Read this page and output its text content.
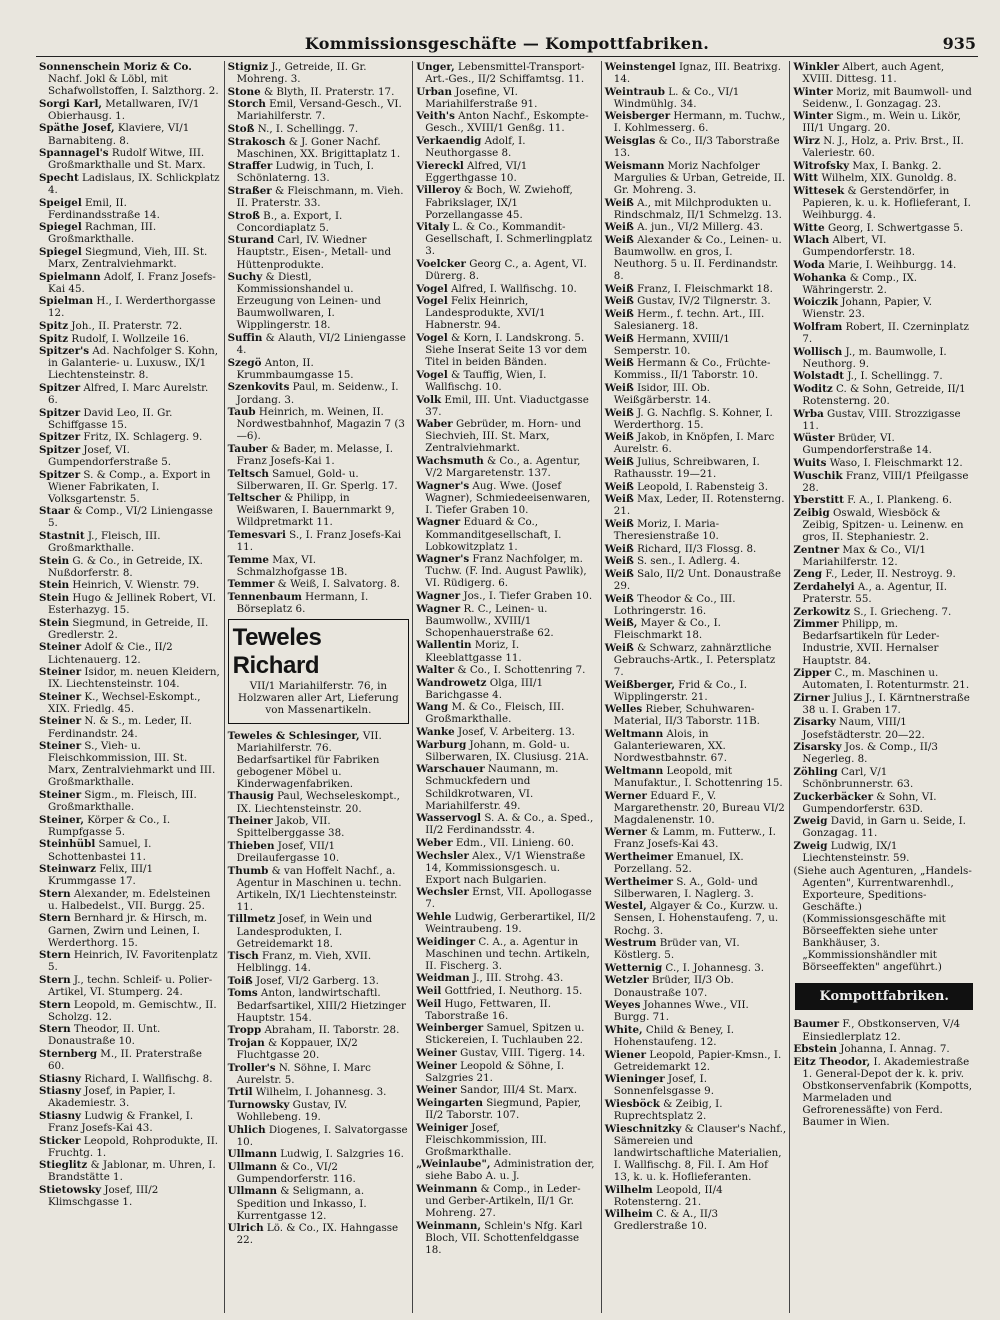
Kommissionsgeschäfte — Kompottfabriken.	935
Sonnenschein Moriz & Co. Nachf. Jokl & Löbl, mit Schafwollstoffen, I. Salzthorg. 2.
Sorgi Karl, Metallwaren, IV/1 Obierhausg. 1.
Späthe Josef, Klaviere, VI/1 Barnabiteng. 8.
Spannagel's Rudolf Witwe, III. Großmarkthalle und St. Marx.
Specht Ladislaus, IX. Schlickplatz 4.
Speigel Emil, II. Ferdinandsstraße 14.
Spiegel Rachman, III. Großmarkthalle.
Spiegel Siegmund, Vieh, III. St. Marx, Zentralviehmarkt.
Spielmann Adolf, I. Franz Josefs-Kai 45.
Spielman H., I. Werderthorgasse 12.
Spitz Joh., II. Praterstr. 72.
Spitz Rudolf, I. Wollzeile 16.
Spitzer's Ad. Nachfolger S. Kohn, in Galanterie- u. Luxusw., IX/1 Liechtensteinstr. 8.
Spitzer Alfred, I. Marc Aurelstr. 6.
Spitzer David Leo, II. Gr. Schiffgasse 15.
Spitzer Fritz, IX. Schlagerg. 9.
Spitzer Josef, VI. Gumpendorferstraße 5.
Spitzer S. & Comp., a. Export in Wiener Fabrikaten, I. Volksgartenstr. 5.
Staar & Comp., VI/2 Liniengasse 5.
Stastnit J., Fleisch, III. Großmarkthalle.
Stein G. & Co., in Getreide, IX. Nußdorferstr. 8.
Stein Heinrich, V. Wienstr. 79.
Stein Hugo & Jellinek Robert, VI. Esterhazyg. 15.
Stein Siegmund, in Getreide, II. Gredlerstr. 2.
Steiner Adolf & Cie., II/2 Lichtenauerg. 12.
Steiner Isidor, m. neuen Kleidern, IX. Liechtensteinstr. 104.
Steiner K., Wechsel-Eskompt., XIX. Friedlg. 45.
Steiner N. & S., m. Leder, II. Ferdinandstr. 24.
Steiner S., Vieh- u. Fleischkommission, III. St. Marx, Zentralviehmarkt und III. Großmarkthalle.
Steiner Sigm., m. Fleisch, III. Großmarkthalle.
Steiner, Körper & Co., I. Rumpfgasse 5.
Steinhübl Samuel, I. Schottenbastei 11.
Steinwarz Felix, III/1 Krummgasse 17.
Stern Alexander, m. Edelsteinen u. Halbedelst., VII. Burgg. 25.
Stern Bernhard jr. & Hirsch, m. Garnen, Zwirn und Leinen, I. Werderthorg. 15.
Stern Heinrich, IV. Favoritenplatz 5.
Stern J., techn. Schleif- u. Polier-Artikel, VI. Stumperg. 24.
Stern Leopold, m. Gemischtw., II. Scholzg. 12.
Stern Theodor, II. Unt. Donaustraße 10.
Sternberg M., II. Praterstraße 60.
Stiasny Richard, I. Wallfischg. 8.
Stiasny Josef, in Papier, I. Akademiestr. 3.
Stiasny Ludwig & Frankel, I. Franz Josefs-Kai 43.
Sticker Leopold, Rohprodukte, II. Fruchtg. 1.
Stieglitz & Jablonar, m. Uhren, I. Brandstätte 1.
Stietowsky Josef, III/2 Klimschgasse 1.
Stigniz J., Getreide, II. Gr. Mohreng. 3.
Stone & Blyth, II. Praterstr. 17.
Storch Emil, Versand-Gesch., VI. Mariahilferstr. 7.
Stoß N., I. Schellingg. 7.
Strakosch & J. Goner Nachf. Maschinen, XX. Brigittaplatz 1.
Straffer Ludwig, in Tuch, I. Schönlaterng. 13.
Straßer & Fleischmann, m. Vieh. II. Praterstr. 33.
Stroß B., a. Export, I. Concordiaplatz 5.
Sturand Carl, IV. Wiedner Hauptstr., Eisen-, Metall- und Hüttenprodukte.
Suchy & Diestl, Kommissionshandel u. Erzeugung von Leinen- und Baumwollwaren, I. Wipplingerstr. 18.
Suffin & Alauth, VI/2 Liniengasse 4.
Szegö Anton, II. Krummbaumgasse 15.
Szenkovits Paul, m. Seidenw., I. Jordang. 3.
Taub Heinrich, m. Weinen, II. Nordwestbahnhof, Magazin 7 (3—6).
Tauber & Bader, m. Melasse, I. Franz Josefs-Kai 1.
Teltsch Samuel, Gold- u. Silberwaren, II. Gr. Sperlg. 17.
Teltscher & Philipp, in Weißwaren, I. Bauernmarkt 9, Wildpretmarkt 11.
Temesvari S., I. Franz Josefs-Kai 11.
Temme Max, VI. Schmalzhofgasse 1B.
Temmer & Weiß, I. Salvatorg. 8.
Tennenbaum Hermann, I. Börseplatz 6.
Teweles Richard
VII/1 Mariahilferstr. 76, in Holzwaren aller Art, Lieferung von Massenartikeln.
Teweles & Schlesinger, VII. Mariahilferstr. 76. Bedarfsartikel für Fabriken gebogener Möbel u. Kinderwagenfabriken.
Thausig Paul, Wechseleskompt., IX. Liechtensteinstr. 20.
Theiner Jakob, VII. Spittelberggasse 38.
Thieben Josef, VII/1 Dreilaufergasse 10.
Thumb & van Hoffelt Nachf., a. Agentur in Maschinen u. techn. Artikeln, IX/1 Liechtensteinstr. 11.
Tillmetz Josef, in Wein und Landesprodukten, I. Getreidemarkt 18.
Tisch Franz, m. Vieh, XVII. Helblingg. 14.
Toiß Josef, VI/2 Garberg. 13.
Toms Anton, landwirtschaftl. Bedarfsartikel, XIII/2 Hietzinger Hauptstr. 154.
Tropp Abraham, II. Taborstr. 28.
Trojan & Koppauer, IX/2 Fluchtgasse 20.
Troller's N. Söhne, I. Marc Aurelstr. 5.
Trtil Wilhelm, I. Johannesg. 3.
Turnowsky Gustav, IV. Wohllebeng. 19.
Uhlich Diogenes, I. Salvatorgasse 10.
Ullmann Ludwig, I. Salzgries 16.
Ullmann & Co., VI/2 Gumpendorferstr. 116.
Ullmann & Seligmann, a. Spedition und Inkasso, I. Kurrentgasse 12.
Ulrich Lö. & Co., IX. Hahngasse 22.
Unger, Lebensmittel-Transport-Art.-Ges., II/2 Schiffamtsg. 11.
Urban Josefine, VI. Mariahilferstraße 91.
Veith's Anton Nachf., Eskompte-Gesch., XVIII/1 Genßg. 11.
Verkaendig Adolf, I. Neuthorgasse 8.
Viereckl Alfred, VI/1 Eggerthgasse 10.
Villeroy & Boch, W. Zwiehoff, Fabrikslager, IX/1 Porzellangasse 45.
Vitaly L. & Co., Kommandit-Gesellschaft, I. Schmerlingplatz 3.
Voelcker Georg C., a. Agent, VI. Dürerg. 8.
Vogel Alfred, I. Wallfischg. 10.
Vogel Felix Heinrich, Landesprodukte, XVI/1 Habnerstr. 94.
Vogel & Korn, I. Landskrong. 5. Siehe Inserat Seite 13 vor dem Titel in beiden Bänden.
Vogel & Tauffig, Wien, I. Wallfischg. 10.
Volk Emil, III. Unt. Viaductgasse 37.
Waber Gebrüder, m. Horn- und Siechvieh, III. St. Marx, Zentralviehmarkt.
Wachsmuth & Co., a. Agentur, V/2 Margaretenstr. 137.
Wagner's Aug. Wwe. (Josef Wagner), Schmiedeeisenwaren, I. Tiefer Graben 10.
Wagner Eduard & Co., Kommanditgesellschaft, I. Lobkowitzplatz 1.
Wagner's Franz Nachfolger, m. Tuchw. (F. Ind. August Pawlik), VI. Rüdigerg. 6.
Wagner Jos., I. Tiefer Graben 10.
Wagner R. C., Leinen- u. Baumwollw., XVIII/1 Schopenhauerstraße 62.
Wallentin Moriz, I. Kleeblattgasse 11.
Walter & Co., I. Schottenring 7.
Wandrowetz Olga, III/1 Barichgasse 4.
Wang M. & Co., Fleisch, III. Großmarkthalle.
Wanke Josef, V. Arbeiterg. 13.
Warburg Johann, m. Gold- u. Silberwaren, IX. Clusiusg. 21A.
Warschauer Naumann, m. Schmuckfedern und Schildkrotwaren, VI. Mariahilferstr. 49.
Wasservogl S. A. & Co., a. Sped., II/2 Ferdinandsstr. 4.
Weber Edm., VII. Linieng. 60.
Wechsler Alex., V/1 Wienstraße 14, Kommissionsgesch. u. Export nach Bulgarien.
Wechsler Ernst, VII. Apollogasse 7.
Wehle Ludwig, Gerberartikel, II/2 Weintraubeng. 19.
Weidinger C. A., a. Agentur in Maschinen und techn. Artikeln, II. Fischerg. 3.
Weidman J., III. Strohg. 43.
Weil Gottfried, I. Neuthorg. 15.
Weil Hugo, Fettwaren, II. Taborstraße 16.
Weinberger Samuel, Spitzen u. Stickereien, I. Tuchlauben 22.
Weiner Gustav, VIII. Tigerg. 14.
Weiner Leopold & Söhne, I. Salzgries 21.
Weiner Sandor, III/4 St. Marx.
Weingarten Siegmund, Papier, II/2 Taborstr. 107.
Weiniger Josef, Fleischkommission, III. Großmarkthalle.
„Weinlaube", Administration der, siehe Babo A. u. J.
Weinmann & Comp., in Leder- und Gerber-Artikeln, II/1 Gr. Mohreng. 27.
Weinmann, Schlein's Nfg. Karl Bloch, VII. Schottenfeldgasse 18.
Weinstengel Ignaz, III. Beatrixg. 14.
Weintraub L. & Co., VI/1 Windmühlg. 34.
Weisberger Hermann, m. Tuchw., I. Kohlmesserg. 6.
Weisglas & Co., II/3 Taborstraße 13.
Weismann Moriz Nachfolger Margulies & Urban, Getreide, II. Gr. Mohreng. 3.
Weiß A., mit Milchprodukten u. Rindschmalz, II/1 Schmelzg. 13.
Weiß A. jun., VI/2 Millerg. 43.
Weiß Alexander & Co., Leinen- u. Baumwollw. en gros, I. Neuthorg. 5 u. II. Ferdinandstr. 8.
Weiß Franz, I. Fleischmarkt 18.
Weiß Gustav, IV/2 Tilgnerstr. 3.
Weiß Herm., f. techn. Art., III. Salesianerg. 18.
Weiß Hermann, XVIII/1 Semperstr. 10.
Weiß Hermann & Co., Früchte-Kommiss., II/1 Taborstr. 10.
Weiß Isidor, III. Ob. Weißgärberstr. 14.
Weiß J. G. Nachflg. S. Kohner, I. Werderthorg. 15.
Weiß Jakob, in Knöpfen, I. Marc Aurelstr. 6.
Weiß Julius, Schreibwaren, I. Rathausstr. 19—21.
Weiß Leopold, I. Rabensteig 3.
Weiß Max, Leder, II. Rotensterng. 21.
Weiß Moriz, I. Maria-Theresienstraße 10.
Weiß Richard, II/3 Flossg. 8.
Weiß S. sen., I. Adlerg. 4.
Weiß Salo, II/2 Unt. Donaustraße 29.
Weiß Theodor & Co., III. Lothringerstr. 16.
Weiß, Mayer & Co., I. Fleischmarkt 18.
Weiß & Schwarz, zahnärztliche Gebrauchs-Artk., I. Petersplatz 7.
Weißberger, Frid & Co., I. Wipplingerstr. 21.
Welles Rieber, Schuhwaren-Material, II/3 Taborstr. 11B.
Weltmann Alois, in Galanteriewaren, XX. Nordwestbahnstr. 67.
Weltmann Leopold, mit Manufaktur., I. Schottenring 15.
Werner Eduard F., V. Margarethenstr. 20, Bureau VI/2 Magdalenenstr. 10.
Werner & Lamm, m. Futterw., I. Franz Josefs-Kai 43.
Wertheimer Emanuel, IX. Porzellang. 52.
Wertheimer S. A., Gold- und Silberwaren, I. Naglerg. 3.
Westel, Algayer & Co., Kurzw. u. Sensen, I. Hohenstaufeng. 7, u. Rochg. 3.
Westrum Brüder van, VI. Köstlerg. 5.
Wetternig C., I. Johannesg. 3.
Wetzler Brüder, II/3 Ob. Donaustraße 107.
Weyes Johannes Wwe., VII. Burgg. 71.
White, Child & Beney, I. Hohenstaufeng. 12.
Wiener Leopold, Papier-Kmsn., I. Getreidemarkt 12.
Wieninger Josef, I. Sonnenfelsgasse 9.
Wiesböck & Zeibig, I. Ruprechtsplatz 2.
Wieschnitzky & Clauser's Nachf., Sämereien und landwirtschaftliche Materialien, I. Wallfischg. 8, Fil. I. Am Hof 13, k. u. k. Hoflieferanten.
Wilhelm Leopold, II/4 Rotensterng. 21.
Wilheim C. & A., II/3 Gredlerstraße 10.
Winkler Albert, auch Agent, XVIII. Dittesg. 11.
Winter Moriz, mit Baumwoll- und Seidenw., I. Gonzagag. 23.
Winter Sigm., m. Wein u. Likör, III/1 Ungarg. 20.
Wirz N. J., Holz, a. Priv. Brst., II. Valeriestr. 60.
Witrofsky Max, I. Bankg. 2.
Witt Wilhelm, XIX. Gunoldg. 8.
Wittesek & Gerstendörfer, in Papieren, k. u. k. Hoflieferant, I. Weihburgg. 4.
Witte Georg, I. Schwertgasse 5.
Wlach Albert, VI. Gumpendorferstr. 18.
Woda Marie, I. Weihburgg. 14.
Wohanka & Comp., IX. Währingerstr. 2.
Woiczik Johann, Papier, V. Wienstr. 23.
Wolfram Robert, II. Czerninplatz 7.
Wollisch J., m. Baumwolle, I. Neuthorg. 9.
Wolstadt J., I. Schellingg. 7.
Woditz C. & Sohn, Getreide, II/1 Rotensterng. 20.
Wrba Gustav, VIII. Strozzigasse 11.
Wüster Brüder, VI. Gumpendorferstraße 14.
Wuits Waso, I. Fleischmarkt 12.
Wuschik Franz, VIII/1 Pfeilgasse 28.
Yberstitt F. A., I. Plankeng. 6.
Zeibig Oswald, Wiesböck & Zeibig, Spitzen- u. Leinenw. en gros, II. Stephaniestr. 2.
Zentner Max & Co., VI/1 Mariahilferstr. 12.
Zeng F., Leder, II. Nestroyg. 9.
Zerdahelyi A., a. Agentur, II. Praterstr. 55.
Zerkowitz S., I. Griecheng. 7.
Zimmer Philipp, m. Bedarfsartikeln für Leder-Industrie, XVII. Hernalser Hauptstr. 84.
Zipper C., m. Maschinen u. Automaten, I. Rotenturmstr. 21.
Zirner Julius J., I. Kärntnerstraße 38 u. I. Graben 17.
Zisarky Naum, VIII/1 Josefstädterstr. 20—22.
Zisarsky Jos. & Comp., II/3 Negerleg. 8.
Zöhling Carl, V/1 Schönbrunnerstr. 63.
Zuckerbäcker & Sohn, VI. Gumpendorferstr. 63D.
Zweig David, in Garn u. Seide, I. Gonzagag. 11.
Zweig Ludwig, IX/1 Liechtensteinstr. 59.
(Siehe auch Agenturen, „Handels-Agenten", Kurrentwarenhdl., Exporteure, Speditions-Geschäfte.) (Kommissionsgeschäfte mit Börseeffekten siehe unter Bankhäuser, 3. „Kommissionshändler mit Börseeffekten" angeführt.)
Kompottfabriken.
Baumer F., Obstkonserven, V/4 Einsiedlerplatz 12.
Ebstein Johanna, I. Annag. 7.
Eitz Theodor, I. Akademiestraße 1. General-Depot der k. k. priv. Obstkonservenfabrik (Kompotts, Marmeladen und Gefrorenessäfte) von Ferd. Baumer in Wien.
